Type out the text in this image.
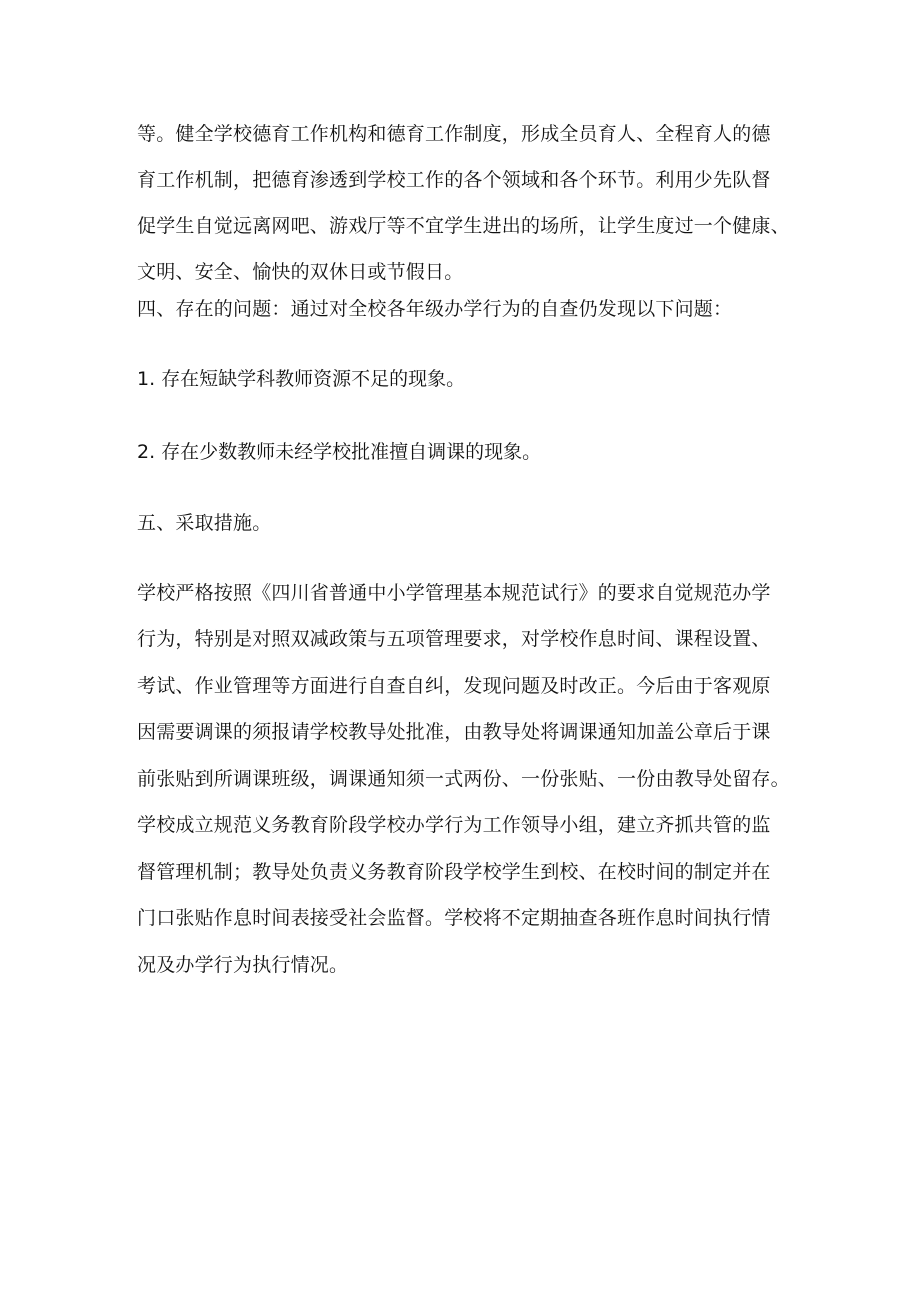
等。健全学校德育工作机构和德育工作制度，形成全员育人、全程育人的德
育工作机制，把德育渗透到学校工作的各个领域和各个环节。利用少先队督
促学生自觉远离网吧、游戏厅等不宜学生进出的场所，让学生度过一个健康、
文明、安全、愉快的双休日或节假日。
四、存在的问题：通过对全校各年级办学行为的自查仍发现以下问题：
1. 存在短缺学科教师资源不足的现象。
2. 存在少数教师未经学校批准擅自调课的现象。
五、采取措施。
学校严格按照《四川省普通中小学管理基本规范试行》的要求自觉规范办学
行为，特别是对照双减政策与五项管理要求，对学校作息时间、课程设置、
考试、作业管理等方面进行自查自纠，发现问题及时改正。今后由于客观原
因需要调课的须报请学校教导处批准，由教导处将调课通知加盖公章后于课
前张贴到所调课班级，调课通知须一式两份、一份张贴、一份由教导处留存。
学校成立规范义务教育阶段学校办学行为工作领导小组，建立齐抓共管的监
督管理机制；教导处负责义务教育阶段学校学生到校、在校时间的制定并在
门口张贴作息时间表接受社会监督。学校将不定期抽查各班作息时间执行情
况及办学行为执行情况。
